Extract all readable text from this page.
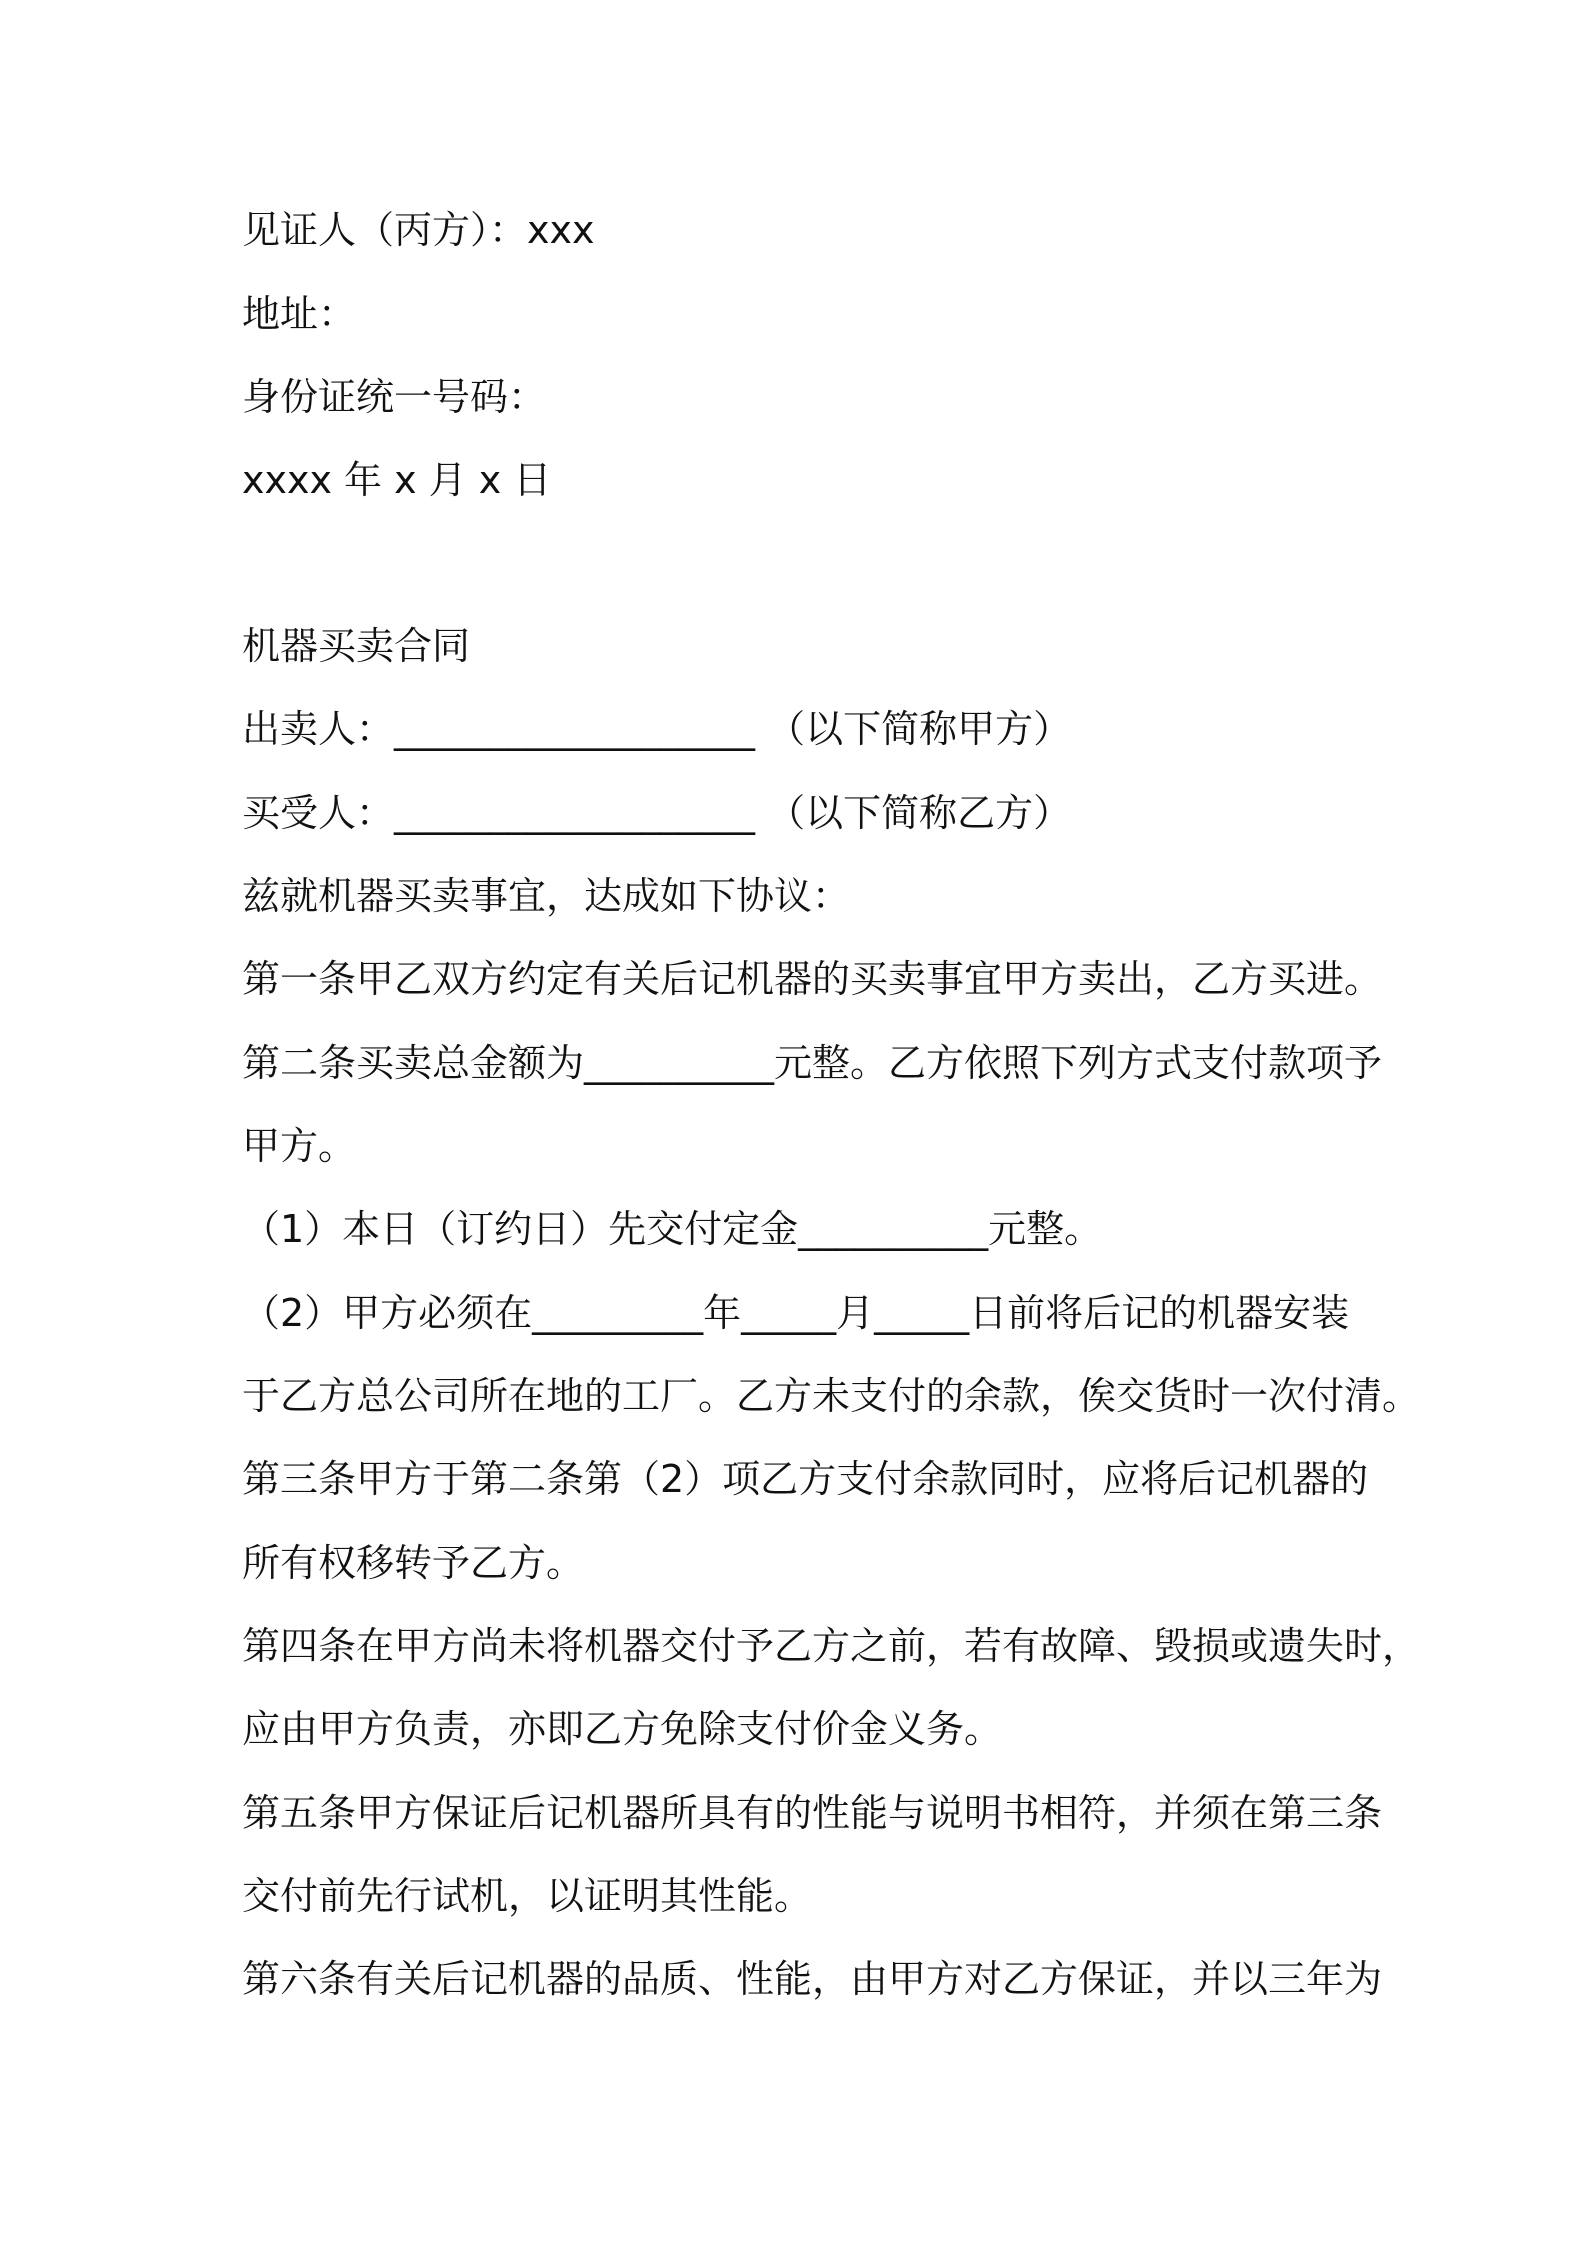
见证人（丙方）：xxx
地址：
身份证统一号码：
xxxx 年 x 月 x 日
机器买卖合同
出卖人：___________________ （以下简称甲方）
买受人：___________________ （以下简称乙方）
兹就机器买卖事宜，达成如下协议：
第一条甲乙双方约定有关后记机器的买卖事宜甲方卖出，乙方买进。
第二条买卖总金额为__________元整。乙方依照下列方式支付款项予
甲方。
（1）本日（订约日）先交付定金__________元整。
（2）甲方必须在_________年_____月_____日前将后记的机器安装
于乙方总公司所在地的工厂。乙方未支付的余款，俟交货时一次付清。
第三条甲方于第二条第（2）项乙方支付余款同时，应将后记机器的
所有权移转予乙方。
第四条在甲方尚未将机器交付予乙方之前，若有故障、毁损或遗失时，
应由甲方负责，亦即乙方免除支付价金义务。
第五条甲方保证后记机器所具有的性能与说明书相符，并须在第三条
交付前先行试机，以证明其性能。
第六条有关后记机器的品质、性能，由甲方对乙方保证，并以三年为
